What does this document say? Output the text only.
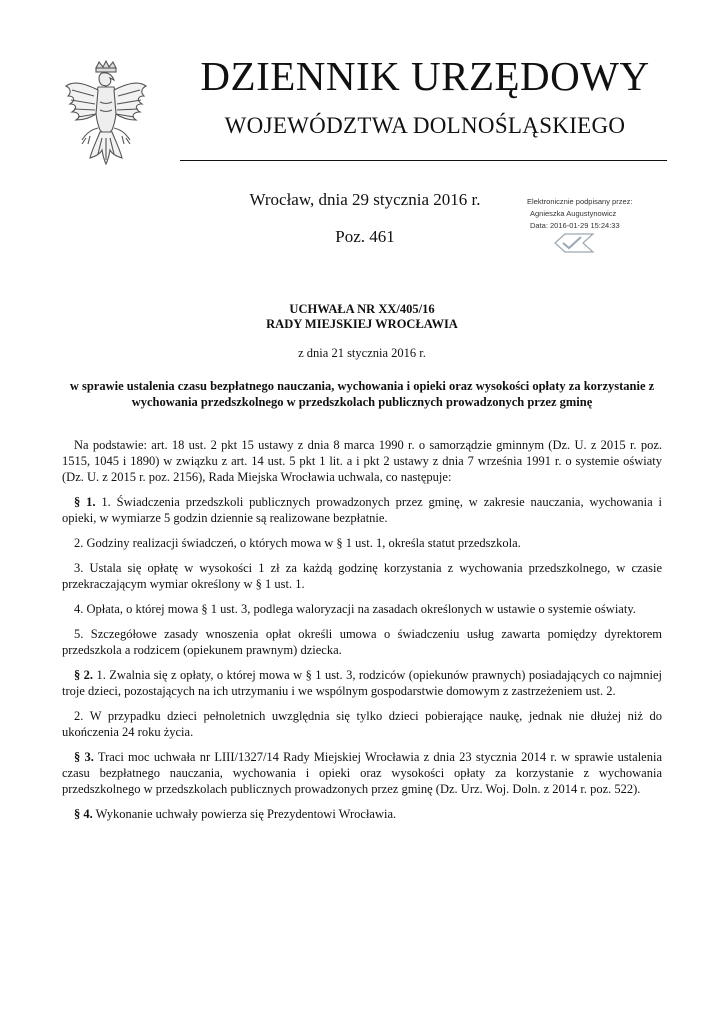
DZIENNIK URZĘDOWY
WOJEWÓDZTWA DOLNOŚLĄSKIEGO
Wrocław, dnia 29 stycznia 2016 r.
Poz. 461
Elektronicznie podpisany przez:
Agnieszka Augustynowicz
Data: 2016-01-29 15:24:33
UCHWAŁA NR XX/405/16
RADY MIEJSKIEJ WROCŁAWIA
z dnia 21 stycznia 2016 r.
w sprawie ustalenia czasu bezpłatnego nauczania, wychowania i opieki oraz wysokości opłaty za korzystanie z wychowania przedszkolnego w przedszkolach publicznych prowadzonych przez gminę

Na podstawie: art. 18 ust. 2 pkt 15 ustawy z dnia 8 marca 1990 r. o samorządzie gminnym (Dz. U. z 2015 r. poz. 1515, 1045 i 1890) w związku z art. 14 ust. 5 pkt 1 lit. a i pkt 2 ustawy z dnia 7 września 1991 r. o systemie oświaty (Dz. U. z 2015 r. poz. 2156), Rada Miejska Wrocławia uchwala, co następuje:

§ 1. 1. Świadczenia przedszkoli publicznych prowadzonych przez gminę, w zakresie nauczania, wychowania i opieki, w wymiarze 5 godzin dziennie są realizowane bezpłatnie.

2. Godziny realizacji świadczeń, o których mowa w § 1 ust. 1, określa statut przedszkola.

3. Ustala się opłatę w wysokości 1 zł za każdą godzinę korzystania z wychowania przedszkolnego, w czasie przekraczającym wymiar określony w § 1 ust. 1.

4. Opłata, o której mowa § 1 ust. 3, podlega waloryzacji na zasadach określonych w ustawie o systemie oświaty.

5. Szczegółowe zasady wnoszenia opłat określi umowa o świadczeniu usług zawarta pomiędzy dyrektorem przedszkola a rodzicem (opiekunem prawnym) dziecka.

§ 2. 1. Zwalnia się z opłaty, o której mowa w § 1 ust. 3, rodziców (opiekunów prawnych) posiadających co najmniej troje dzieci, pozostających na ich utrzymaniu i we wspólnym gospodarstwie domowym z zastrzeżeniem ust. 2.

2. W przypadku dzieci pełnoletnich uwzględnia się tylko dzieci pobierające naukę, jednak nie dłużej niż do ukończenia 24 roku życia.

§ 3. Traci moc uchwała nr LIII/1327/14 Rady Miejskiej Wrocławia z dnia 23 stycznia 2014 r. w sprawie ustalenia czasu bezpłatnego nauczania, wychowania i opieki oraz wysokości opłaty za korzystanie z wychowania przedszkolnego w przedszkolach publicznych prowadzonych przez gminę (Dz. Urz. Woj. Doln. z 2014 r. poz. 522).

§ 4. Wykonanie uchwały powierza się Prezydentowi Wrocławia.
